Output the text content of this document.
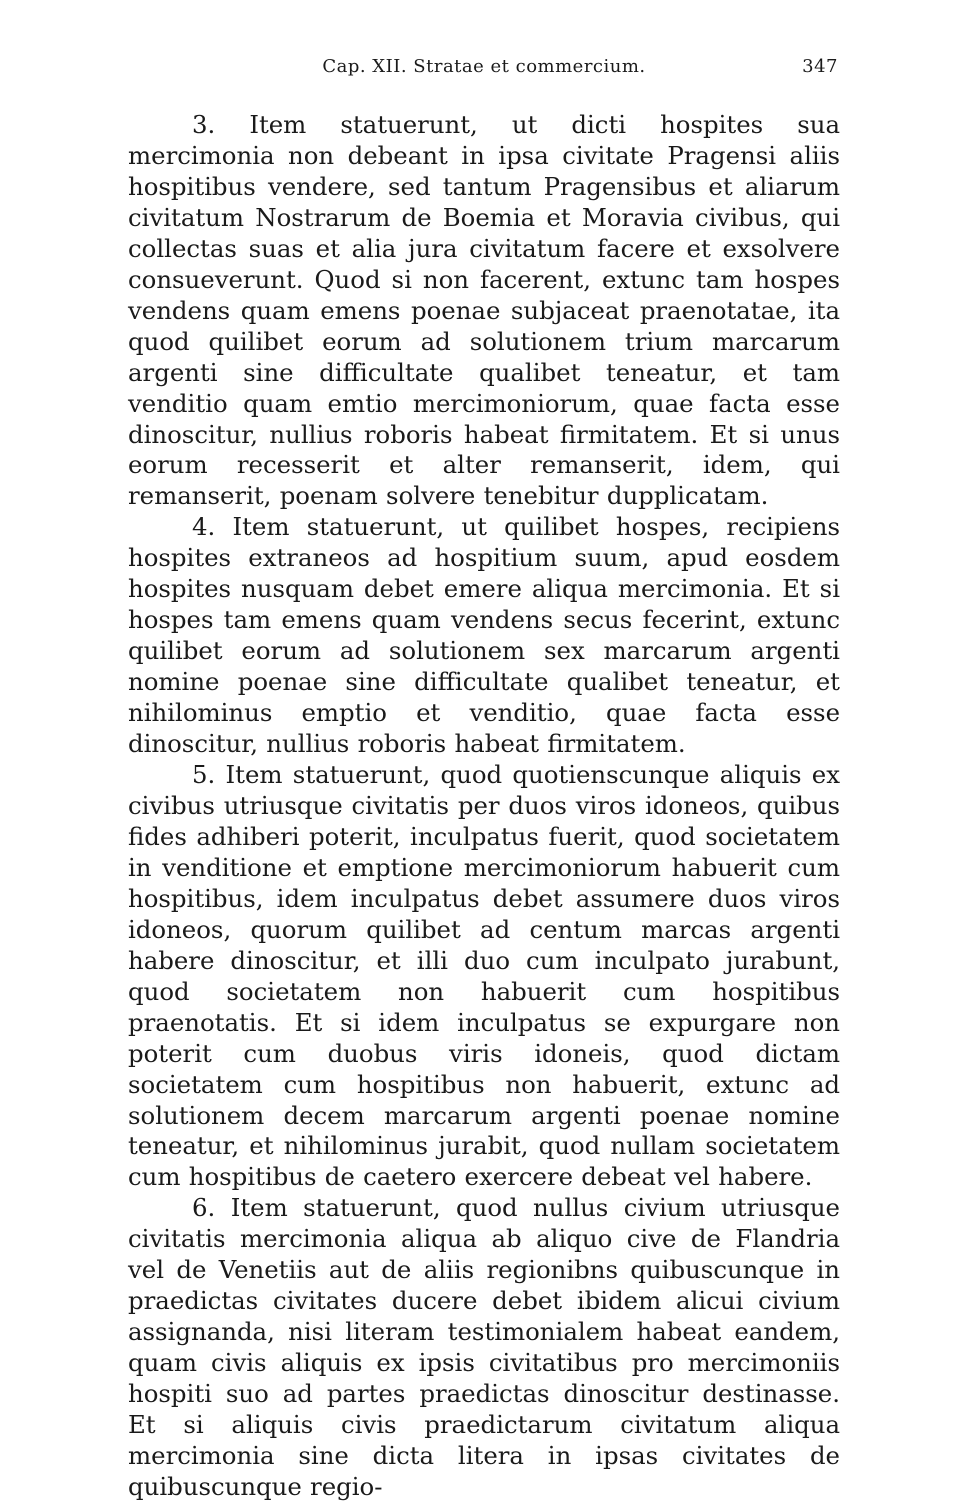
Cap. XII. Stratae et commercium.	347

3. Item statuerunt, ut dicti hospites sua mercimonia non debeant in ipsa civitate Pragensi aliis hospitibus vendere, sed tantum Pragensibus et aliarum civitatum Nostrarum de Boemia et Moravia civibus, qui collectas suas et alia jura civitatum facere et exsolvere consueverunt. Quod si non facerent, extunc tam hospes vendens quam emens poenae subjaceat praenotatae, ita quod quilibet eorum ad solutionem trium marcarum argenti sine difficultate qualibet teneatur, et tam venditio quam emtio mercimoniorum, quae facta esse dinoscitur, nullius roboris habeat firmitatem. Et si unus eorum recesserit et alter remanserit, idem, qui remanserit, poenam solvere tenebitur dupplicatam.

4. Item statuerunt, ut quilibet hospes, recipiens hospites extraneos ad hospitium suum, apud eosdem hospites nusquam debet emere aliqua mercimonia. Et si hospes tam emens quam vendens secus fecerint, extunc quilibet eorum ad solutionem sex marcarum argenti nomine poenae sine difficultate qualibet teneatur, et nihilominus emptio et venditio, quae facta esse dinoscitur, nullius roboris habeat firmitatem.

5. Item statuerunt, quod quotienscunque aliquis ex civibus utriusque civitatis per duos viros idoneos, quibus fides adhiberi poterit, inculpatus fuerit, quod societatem in venditione et emptione mercimoniorum habuerit cum hospitibus, idem inculpatus debet assumere duos viros idoneos, quorum quilibet ad centum marcas argenti habere dinoscitur, et illi duo cum inculpato jurabunt, quod societatem non habuerit cum hospitibus praenotatis. Et si idem inculpatus se expurgare non poterit cum duobus viris idoneis, quod dictam societatem cum hospitibus non habuerit, extunc ad solutionem decem marcarum argenti poenae nomine teneatur, et nihilominus jurabit, quod nullam societatem cum hospitibus de caetero exercere debeat vel habere.

6. Item statuerunt, quod nullus civium utriusque civitatis mercimonia aliqua ab aliquo cive de Flandria vel de Venetiis aut de aliis regionibns quibuscunque in praedictas civitates ducere debet ibidem alicui civium assignanda, nisi literam testimonialem habeat eandem, quam civis aliquis ex ipsis civitatibus pro mercimoniis hospiti suo ad partes praedictas dinoscitur destinasse. Et si aliquis civis praedictarum civitatum aliqua mercimonia sine dicta litera in ipsas civitates de quibuscunque regio-
